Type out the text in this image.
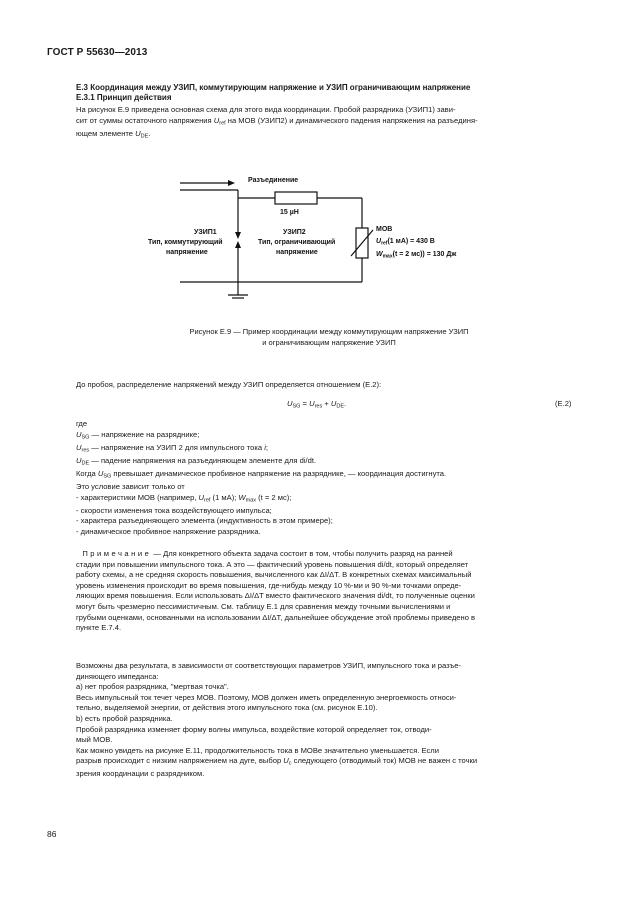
ГОСТ Р 55630—2013
Е.3 Координация между УЗИП, коммутирующим напряжение и УЗИП ограничивающим напряжение
Е.3.1 Принцип действия

На рисунок Е.9 приведена основная схема для этого вида координации. Пробой разрядника (УЗИП1) зави-

сит от суммы остаточного напряжения $U_{ref}$ на МОВ (УЗИП2) и динамического падения напряжения на разъединя-

ющем элементе $U_{DE}$.

Разъединение
15 µH
УЗИП1
Тип, коммутирующий
напряжение
УЗИП2
Тип, ограничивающий
напряжение
МОВ
$U_{ref}(1$ мА) = 430 В
$W_{max}(t = 2$ мс)) = 130 Дж
Рисунок Е.9 — Пример координации между коммутирующим напряжение УЗИП
и ограничивающим напряжение УЗИП
До пробоя, распределение напряжений между УЗИП определяется отношением (Е.2):
$U_{SG} = U_{res} + U_{DE}$.	(Е.2)

где

$U_{SG}$ — напряжение на разряднике;

$U_{res}$ — напряжение на УЗИП 2 для импульсного тока i;

$U_{DE}$ — падение напряжения на разъединяющем элементе для di/dt.

Когда $U_{SG}$ превышает динамическое пробивное напряжение на разряднике, — координация достигнута.

Это условие зависит только от

- характеристики МОВ (например, $U_{ref}$ (1 мА); $W_{max}$ (t = 2 мс);

- скорости изменения тока воздействующего импульса;

- характера разъединяющего элемента (индуктивность в этом примере);

- динамическое пробивное напряжение разрядника.

Примечание — Для конкретного объекта задача состоит в том, чтобы получить разряд на ранней

стадии при повышении импульсного тока. А это — фактический уровень повышения di/dt, который определяет

работу схемы, а не средняя скорость повышения, вычисленного как ΔI/ΔT. В конкретных схемах максимальный

уровень изменения происходит во время повышения, где-нибудь между 10 %-ми и 90 %-ми точками опреде-

ляющих время повышения. Если использовать ΔI/ΔT вместо фактического значения di/dt, то полученные оценки

могут быть чрезмерно пессимистичным. См. таблицу Е.1 для сравнения между точными вычислениями и

грубыми оценками, основанными на использовании ΔI/ΔT, дальнейшее обсуждение этой проблемы приведено в

пункте Е.7.4.

Возможны два результата, в зависимости от соответствующих параметров УЗИП, импульсного тока и разъе-

диняющего импеданса:

а) нет пробоя разрядника, "мертвая точка".

Весь импульсный ток течет через МОВ. Поэтому, МОВ должен иметь определенную энергоемкость относи-

тельно, выделяемой энергии, от действия этого импульсного тока (см. рисунок Е.10).

b) есть пробой разрядника.

Пробой разрядника изменяет форму волны импульса, воздействие которой определяет ток, отводи-

мый МОВ.

Как можно увидеть на рисунке Е.11, продолжительность тока в МОВе значительно уменьшается. Если

разрыв происходит с низким напряжением на дуге, выбор $U_c$ следующего (отводимый ток) МОВ не важен с точки

зрения координации с разрядником.

86
